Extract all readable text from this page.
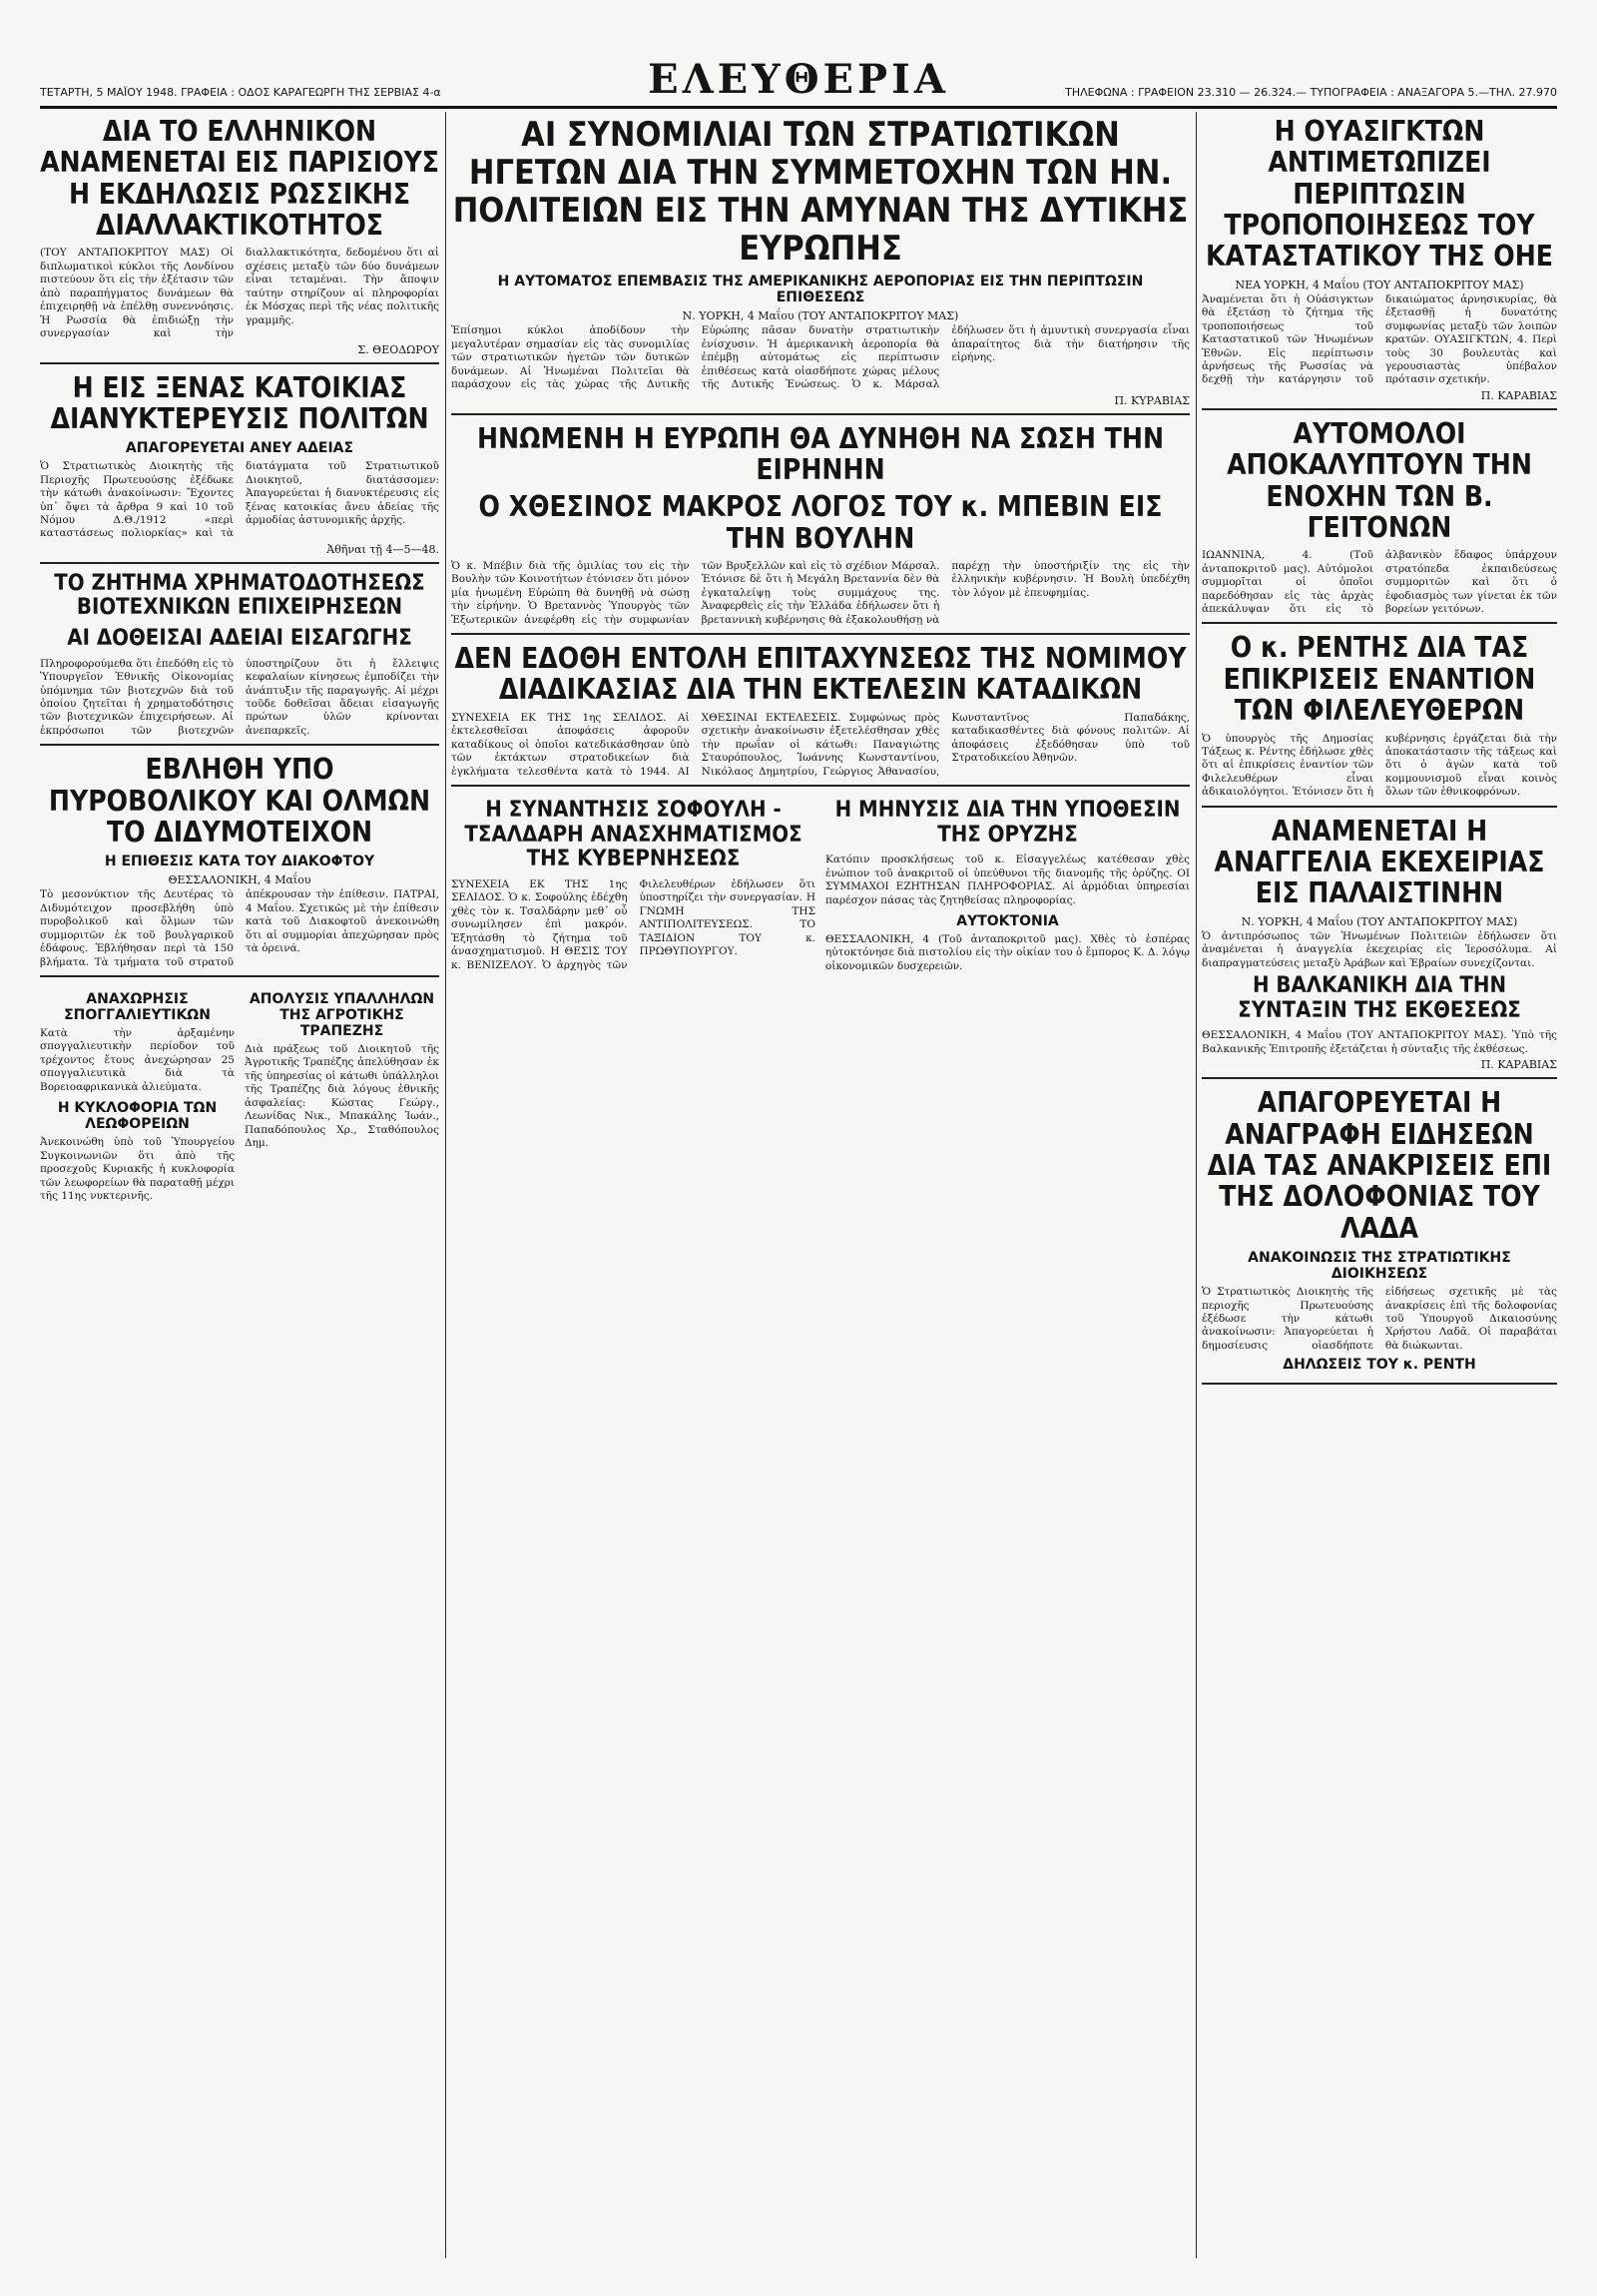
ΤΕΤΑΡΤΗ, 5 ΜΑΪΟΥ 1948. ΓΡΑΦΕΙΑ : ΟΔΟΣ ΚΑΡΑΓΕΩΡΓΗ ΤΗΣ ΣΕΡΒΙΑΣ 4-α	ΕΛΕΥΘΕΡΙΑ	ΤΗΛΕΦΩΝΑ : ΓΡΑΦΕΙΟΝ 23.310 — 26.324.— ΤΥΠΟΓΡΑΦΕΙΑ : ΑΝΑΞΑΓΟΡΑ 5.—ΤΗΛ. 27.970
ΔΙΑ ΤΟ ΕΛΛΗΝΙΚΟΝ ΑΝΑΜΕΝΕΤΑΙ ΕΙΣ ΠΑΡΙΣΙΟΥΣ Η ΕΚΔΗΛΩΣΙΣ ΡΩΣΣΙΚΗΣ ΔΙΑΛΛΑΚΤΙΚΟΤΗΤΟΣ
(ΤΟΥ ΑΝΤΑΠΟΚΡΙΤΟΥ ΜΑΣ) Οἱ διπλωματικοὶ κύκλοι τῆς Λονδίνου πιστεύουν ὅτι εἰς τὴν ἐξέτασιν τῶν ἀπὸ παραπήγματος δυνάμεων θὰ ἐπιχειρηθῇ νὰ ἐπέλθῃ συνεννόησις. Ἡ Ρωσσία θὰ ἐπιδιώξῃ τὴν συνεργασίαν καὶ τὴν διαλλακτικότητα, δεδομένου ὅτι αἱ σχέσεις μεταξὺ τῶν δύο δυνάμεων εἶναι τεταμέναι. Τὴν ἄποψιν ταύτην στηρίζουν αἱ πληροφορίαι ἐκ Μόσχας περὶ τῆς νέας πολιτικῆς γραμμῆς.
Σ. ΘΕΟΔΩΡΟΥ
Η ΕΙΣ ΞΕΝΑΣ ΚΑΤΟΙΚΙΑΣ ΔΙΑΝΥΚΤΕΡΕΥΣΙΣ ΠΟΛΙΤΩΝ
ΑΠΑΓΟΡΕΥΕΤΑΙ ΑΝΕΥ ΑΔΕΙΑΣ
Ὁ Στρατιωτικὸς Διοικητὴς τῆς Περιοχῆς Πρωτευούσης ἐξέδωκε τὴν κάτωθι ἀνακοίνωσιν: Ἔχοντες ὑπ᾿ ὄψει τὰ ἄρθρα 9 καὶ 10 τοῦ Νόμου Δ.Θ./1912 «περὶ καταστάσεως πολιορκίας» καὶ τὰ διατάγματα τοῦ Στρατιωτικοῦ Διοικητοῦ, διατάσσομεν: Ἀπαγορεύεται ἡ διανυκτέρευσις εἰς ξένας κατοικίας ἄνευ ἀδείας τῆς ἀρμοδίας ἀστυνομικῆς ἀρχῆς.
Ἀθῆναι τῇ 4—5—48.
ΤΟ ΖΗΤΗΜΑ ΧΡΗΜΑΤΟΔΟΤΗΣΕΩΣ ΒΙΟΤΕΧΝΙΚΩΝ ΕΠΙΧΕΙΡΗΣΕΩΝ
ΑΙ ΔΟΘΕΙΣΑΙ ΑΔΕΙΑΙ ΕΙΣΑΓΩΓΗΣ
Πληροφορούμεθα ὅτι ἐπεδόθη εἰς τὸ Ὑπουργεῖον Ἐθνικῆς Οἰκονομίας ὑπόμνημα τῶν βιοτεχνῶν διὰ τοῦ ὁποίου ζητεῖται ἡ χρηματοδότησις τῶν βιοτεχνικῶν ἐπιχειρήσεων. Αἱ ἐκπρόσωποι τῶν βιοτεχνῶν ὑποστηρίζουν ὅτι ἡ ἔλλειψις κεφαλαίων κίνησεως ἐμποδίζει τὴν ἀνάπτυξιν τῆς παραγωγῆς. Αἱ μέχρι τοῦδε δοθεῖσαι ἄδειαι εἰσαγωγῆς πρώτων ὑλῶν κρίνονται ἀνεπαρκεῖς.
ΕΒΛΗΘΗ ΥΠΟ ΠΥΡΟΒΟΛΙΚΟΥ ΚΑΙ ΟΛΜΩΝ ΤΟ ΔΙΔΥΜΟΤΕΙΧΟΝ
Η ΕΠΙΘΕΣΙΣ ΚΑΤΑ ΤΟΥ ΔΙΑΚΟΦΤΟΥ
ΘΕΣΣΑΛΟΝΙΚΗ, 4 Μαΐου
Τὸ μεσονύκτιον τῆς Δευτέρας τὸ Διδυμότειχον προσεβλήθη ὑπὸ πυροβολικοῦ καὶ ὅλμων τῶν συμμοριτῶν ἐκ τοῦ βουλγαρικοῦ ἐδάφους. Ἐβλήθησαν περὶ τὰ 150 βλήματα. Τὰ τμήματα τοῦ στρατοῦ ἀπέκρουσαν τὴν ἐπίθεσιν. ΠΑΤΡΑΙ, 4 Μαΐου. Σχετικῶς μὲ τὴν ἐπίθεσιν κατὰ τοῦ Διακοφτοῦ ἀνεκοινώθη ὅτι αἱ συμμορίαι ἀπεχώρησαν πρὸς τὰ ὀρεινά.
ΑΝΑΧΩΡΗΣΙΣ ΣΠΟΓΓΑΛΙΕΥΤΙΚΩΝ
Κατὰ τὴν ἀρξαμένην σπογγαλιευτικὴν περίοδον τοῦ τρέχοντος ἔτους ἀνεχώρησαν 25 σπογγαλιευτικὰ διὰ τὰ Βορειοαφρικανικὰ ἀλιεύματα.
Η ΚΥΚΛΟΦΟΡΙΑ ΤΩΝ ΛΕΩΦΟΡΕΙΩΝ
Ἀνεκοινώθη ὑπὸ τοῦ Ὑπουργείου Συγκοινωνιῶν ὅτι ἀπὸ τῆς προσεχοῦς Κυριακῆς ἡ κυκλοφορία τῶν λεωφορείων θὰ παραταθῇ μέχρι τῆς 11ης νυκτερινῆς.
ΑΠΟΛΥΣΙΣ ΥΠΑΛΛΗΛΩΝ ΤΗΣ ΑΓΡΟΤΙΚΗΣ ΤΡΑΠΕΖΗΣ
Διὰ πράξεως τοῦ Διοικητοῦ τῆς Ἀγροτικῆς Τραπέζης ἀπελύθησαν ἐκ τῆς ὑπηρεσίας οἱ κάτωθι ὑπάλληλοι τῆς Τραπέζης διὰ λόγους ἐθνικῆς ἀσφαλείας: Κώστας Γεώργ., Λεωνίδας Νικ., Μπακάλης Ἰωάν., Παπαδόπουλος Χρ., Σταθόπουλος Δημ.
ΑΙ ΣΥΝΟΜΙΛΙΑΙ ΤΩΝ ΣΤΡΑΤΙΩΤΙΚΩΝ ΗΓΕΤΩΝ ΔΙΑ ΤΗΝ ΣΥΜΜΕΤΟΧΗΝ ΤΩΝ ΗΝ. ΠΟΛΙΤΕΙΩΝ ΕΙΣ ΤΗΝ ΑΜΥΝΑΝ ΤΗΣ ΔΥΤΙΚΗΣ ΕΥΡΩΠΗΣ
Η ΑΥΤΟΜΑΤΟΣ ΕΠΕΜΒΑΣΙΣ ΤΗΣ ΑΜΕΡΙΚΑΝΙΚΗΣ ΑΕΡΟΠΟΡΙΑΣ ΕΙΣ ΤΗΝ ΠΕΡΙΠΤΩΣΙΝ ΕΠΙΘΕΣΕΩΣ
Ν. ΥΟΡΚΗ, 4 Μαΐου (ΤΟΥ ΑΝΤΑΠΟΚΡΙΤΟΥ ΜΑΣ)
Ἐπίσημοι κύκλοι ἀποδίδουν τὴν μεγαλυτέραν σημασίαν εἰς τὰς συνομιλίας τῶν στρατιωτικῶν ἡγετῶν τῶν δυτικῶν δυνάμεων. Αἱ Ἡνωμέναι Πολιτεῖαι θὰ παράσχουν εἰς τὰς χώρας τῆς Δυτικῆς Εὐρώπης πᾶσαν δυνατὴν στρατιωτικὴν ἐνίσχυσιν. Ἡ ἀμερικανικὴ ἀεροπορία θὰ ἐπέμβῃ αὐτομάτως εἰς περίπτωσιν ἐπιθέσεως κατὰ οἱασδήποτε χώρας μέλους τῆς Δυτικῆς Ἑνώσεως. Ὁ κ. Μάρσαλ ἐδήλωσεν ὅτι ἡ ἀμυντικὴ συνεργασία εἶναι ἀπαραίτητος διὰ τὴν διατήρησιν τῆς εἰρήνης.
Π. ΚΥΡΑΒΙΑΣ
ΗΝΩΜΕΝΗ Η ΕΥΡΩΠΗ ΘΑ ΔΥΝΗΘΗ ΝΑ ΣΩΣΗ ΤΗΝ ΕΙΡΗΝΗΝ
Ο ΧΘΕΣΙΝΟΣ ΜΑΚΡΟΣ ΛΟΓΟΣ ΤΟΥ κ. ΜΠΕΒΙΝ ΕΙΣ ΤΗΝ ΒΟΥΛΗΝ
Ὁ κ. Μπέβιν διὰ τῆς ὁμιλίας του εἰς τὴν Βουλὴν τῶν Κοινοτήτων ἐτόνισεν ὅτι μόνον μία ἡνωμένη Εὐρώπη θὰ δυνηθῇ νὰ σώσῃ τὴν εἰρήνην. Ὁ Βρεταννὸς Ὑπουργὸς τῶν Ἐξωτερικῶν ἀνεφέρθη εἰς τὴν συμφωνίαν τῶν Βρυξελλῶν καὶ εἰς τὸ σχέδιον Μάρσαλ. Ἐτόνισε δὲ ὅτι ἡ Μεγάλη Βρεταννία δὲν θὰ ἐγκαταλείψῃ τοὺς συμμάχους της. Ἀναφερθεὶς εἰς τὴν Ἑλλάδα ἐδήλωσεν ὅτι ἡ βρεταννικὴ κυβέρνησις θὰ ἐξακολουθήσῃ νὰ παρέχῃ τὴν ὑποστήριξίν της εἰς τὴν ἑλληνικὴν κυβέρνησιν. Ἡ Βουλὴ ὑπεδέχθη τὸν λόγον μὲ ἐπευφημίας.
ΔΕΝ ΕΔΟΘΗ ΕΝΤΟΛΗ ΕΠΙΤΑΧΥΝΣΕΩΣ ΤΗΣ ΝΟΜΙΜΟΥ ΔΙΑΔΙΚΑΣΙΑΣ ΔΙΑ ΤΗΝ ΕΚΤΕΛΕΣΙΝ ΚΑΤΑΔΙΚΩΝ
ΣΥΝΕΧΕΙΑ ΕΚ ΤΗΣ 1ης ΣΕΛΙΔΟΣ. Αἱ ἐκτελεσθεῖσαι ἀποφάσεις ἀφοροῦν καταδίκους οἱ ὁποῖοι κατεδικάσθησαν ὑπὸ τῶν ἐκτάκτων στρατοδικείων διὰ ἐγκλήματα τελεσθέντα κατὰ τὸ 1944. ΑΙ ΧΘΕΣΙΝΑΙ ΕΚΤΕΛΕΣΕΙΣ. Συμφώνως πρὸς σχετικὴν ἀνακοίνωσιν ἐξετελέσθησαν χθὲς τὴν πρωΐαν οἱ κάτωθι: Παναγιώτης Σταυρόπουλος, Ἰωάννης Κωνσταντίνου, Νικόλαος Δημητρίου, Γεώργιος Ἀθανασίου, Κωνσταντῖνος Παπαδάκης, καταδικασθέντες διὰ φόνους πολιτῶν. Αἱ ἀποφάσεις ἐξεδόθησαν ὑπὸ τοῦ Στρατοδικείου Ἀθηνῶν.
Η ΣΥΝΑΝΤΗΣΙΣ ΣΟΦΟΥΛΗ - ΤΣΑΛΔΑΡΗ ΑΝΑΣΧΗΜΑΤΙΣΜΟΣ ΤΗΣ ΚΥΒΕΡΝΗΣΕΩΣ
ΣΥΝΕΧΕΙΑ ΕΚ ΤΗΣ 1ης ΣΕΛΙΔΟΣ. Ὁ κ. Σοφούλης ἐδέχθη χθὲς τὸν κ. Τσαλδάρην μεθ᾿ οὗ συνωμίλησεν ἐπὶ μακρόν. Ἐξητάσθη τὸ ζήτημα τοῦ ἀνασχηματισμοῦ. Η ΘΕΣΙΣ ΤΟΥ κ. ΒΕΝΙΖΕΛΟΥ. Ὁ ἀρχηγὸς τῶν Φιλελευθέρων ἐδήλωσεν ὅτι ὑποστηρίζει τὴν συνεργασίαν. Η ΓΝΩΜΗ ΤΗΣ ΑΝΤΙΠΟΛΙΤΕΥΣΕΩΣ. ΤΟ ΤΑΞΙΔΙΟΝ ΤΟΥ κ. ΠΡΩΘΥΠΟΥΡΓΟΥ.
Η ΜΗΝΥΣΙΣ ΔΙΑ ΤΗΝ ΥΠΟΘΕΣΙΝ ΤΗΣ ΟΡΥΖΗΣ
Κατόπιν προσκλήσεως τοῦ κ. Εἰσαγγελέως κατέθεσαν χθὲς ἐνώπιον τοῦ ἀνακριτοῦ οἱ ὑπεύθυνοι τῆς διανομῆς τῆς ὀρύζης. ΟΙ ΣΥΜΜΑΧΟΙ ΕΖΗΤΗΣΑΝ ΠΛΗΡΟΦΟΡΙΑΣ. Αἱ ἀρμόδιαι ὑπηρεσίαι παρέσχον πάσας τὰς ζητηθείσας πληροφορίας.
ΑΥΤΟΚΤΟΝΙΑ
ΘΕΣΣΑΛΟΝΙΚΗ, 4 (Τοῦ ἀνταποκριτοῦ μας). Χθὲς τὸ ἑσπέρας ηὐτοκτόνησε διὰ πιστολίου εἰς τὴν οἰκίαν του ὁ ἔμπορος Κ. Δ. λόγῳ οἰκονομικῶν δυσχερειῶν.
Η ΟΥΑΣΙΓΚΤΩΝ ΑΝΤΙΜΕΤΩΠΙΖΕΙ ΠΕΡΙΠΤΩΣΙΝ ΤΡΟΠΟΠΟΙΗΣΕΩΣ ΤΟΥ ΚΑΤΑΣΤΑΤΙΚΟΥ ΤΗΣ ΟΗΕ
ΝΕΑ ΥΟΡΚΗ, 4 Μαΐου (ΤΟΥ ΑΝΤΑΠΟΚΡΙΤΟΥ ΜΑΣ)
Ἀναμένεται ὅτι ἡ Οὐάσιγκτων θὰ ἐξετάσῃ τὸ ζήτημα τῆς τροποποιήσεως τοῦ Καταστατικοῦ τῶν Ἡνωμένων Ἐθνῶν. Εἰς περίπτωσιν ἀρνήσεως τῆς Ρωσσίας νὰ δεχθῇ τὴν κατάργησιν τοῦ δικαιώματος ἀρνησικυρίας, θὰ ἐξετασθῇ ἡ δυνατότης συμφωνίας μεταξὺ τῶν λοιπῶν κρατῶν. ΟΥΑΣΙΓΚΤΩΝ, 4. Περὶ τοὺς 30 βουλευτὰς καὶ γερουσιαστὰς ὑπέβαλον πρότασιν σχετικήν.
Π. ΚΑΡΑΒΙΑΣ
ΑΥΤΟΜΟΛΟΙ ΑΠΟΚΑΛΥΠΤΟΥΝ ΤΗΝ ΕΝΟΧΗΝ ΤΩΝ Β. ΓΕΙΤΟΝΩΝ
ΙΩΑΝΝΙΝΑ, 4. (Τοῦ ἀνταποκριτοῦ μας). Αὐτόμολοι συμμορῖται οἱ ὁποῖοι παρεδόθησαν εἰς τὰς ἀρχὰς ἀπεκάλυψαν ὅτι εἰς τὸ ἀλβανικὸν ἔδαφος ὑπάρχουν στρατόπεδα ἐκπαιδεύσεως συμμοριτῶν καὶ ὅτι ὁ ἐφοδιασμὸς των γίνεται ἐκ τῶν βορείων γειτόνων.
Ο κ. ΡΕΝΤΗΣ ΔΙΑ ΤΑΣ ΕΠΙΚΡΙΣΕΙΣ ΕΝΑΝΤΙΟΝ ΤΩΝ ΦΙΛΕΛΕΥΘΕΡΩΝ
Ὁ ὑπουργὸς τῆς Δημοσίας Τάξεως κ. Ρέντης ἐδήλωσε χθὲς ὅτι αἱ ἐπικρίσεις ἐναντίον τῶν Φιλελευθέρων εἶναι ἀδικαιολόγητοι. Ἐτόνισεν ὅτι ἡ κυβέρνησις ἐργάζεται διὰ τὴν ἀποκατάστασιν τῆς τάξεως καὶ ὅτι ὁ ἀγὼν κατὰ τοῦ κομμουνισμοῦ εἶναι κοινὸς ὅλων τῶν ἐθνικοφρόνων.
ΑΝΑΜΕΝΕΤΑΙ Η ΑΝΑΓΓΕΛΙΑ ΕΚΕΧΕΙΡΙΑΣ ΕΙΣ ΠΑΛΑΙΣΤΙΝΗΝ
Ν. ΥΟΡΚΗ, 4 Μαΐου (ΤΟΥ ΑΝΤΑΠΟΚΡΙΤΟΥ ΜΑΣ)
Ὁ ἀντιπρόσωπος τῶν Ἡνωμένων Πολιτειῶν ἐδήλωσεν ὅτι ἀναμένεται ἡ ἀναγγελία ἐκεχειρίας εἰς Ἰεροσόλυμα. Αἱ διαπραγματεύσεις μεταξὺ Ἀράβων καὶ Ἑβραίων συνεχίζονται.
Η ΒΑΛΚΑΝΙΚΗ ΔΙΑ ΤΗΝ ΣΥΝΤΑΞΙΝ ΤΗΣ ΕΚΘΕΣΕΩΣ
ΘΕΣΣΑΛΟΝΙΚΗ, 4 Μαΐου (ΤΟΥ ΑΝΤΑΠΟΚΡΙΤΟΥ ΜΑΣ). Ὑπὸ τῆς Βαλκανικῆς Ἐπιτροπῆς ἐξετάζεται ἡ σύνταξις τῆς ἐκθέσεως.
Π. ΚΑΡΑΒΙΑΣ
ΑΠΑΓΟΡΕΥΕΤΑΙ Η ΑΝΑΓΡΑΦΗ ΕΙΔΗΣΕΩΝ ΔΙΑ ΤΑΣ ΑΝΑΚΡΙΣΕΙΣ ΕΠΙ ΤΗΣ ΔΟΛΟΦΟΝΙΑΣ ΤΟΥ ΛΑΔΑ
ΑΝΑΚΟΙΝΩΣΙΣ ΤΗΣ ΣΤΡΑΤΙΩΤΙΚΗΣ ΔΙΟΙΚΗΣΕΩΣ
Ὁ Στρατιωτικὸς Διοικητὴς τῆς περιοχῆς Πρωτευούσης ἐξέδωσε τὴν κάτωθι ἀνακοίνωσιν: Ἀπαγορεύεται ἡ δημοσίευσις οἱασδήποτε εἰδήσεως σχετικῆς μὲ τὰς ἀνακρίσεις ἐπὶ τῆς δολοφονίας τοῦ Ὑπουργοῦ Δικαιοσύνης Χρήστου Λαδᾶ. Οἱ παραβάται θὰ διώκωνται.
ΔΗΛΩΣΕΙΣ ΤΟΥ κ. ΡΕΝΤΗ
